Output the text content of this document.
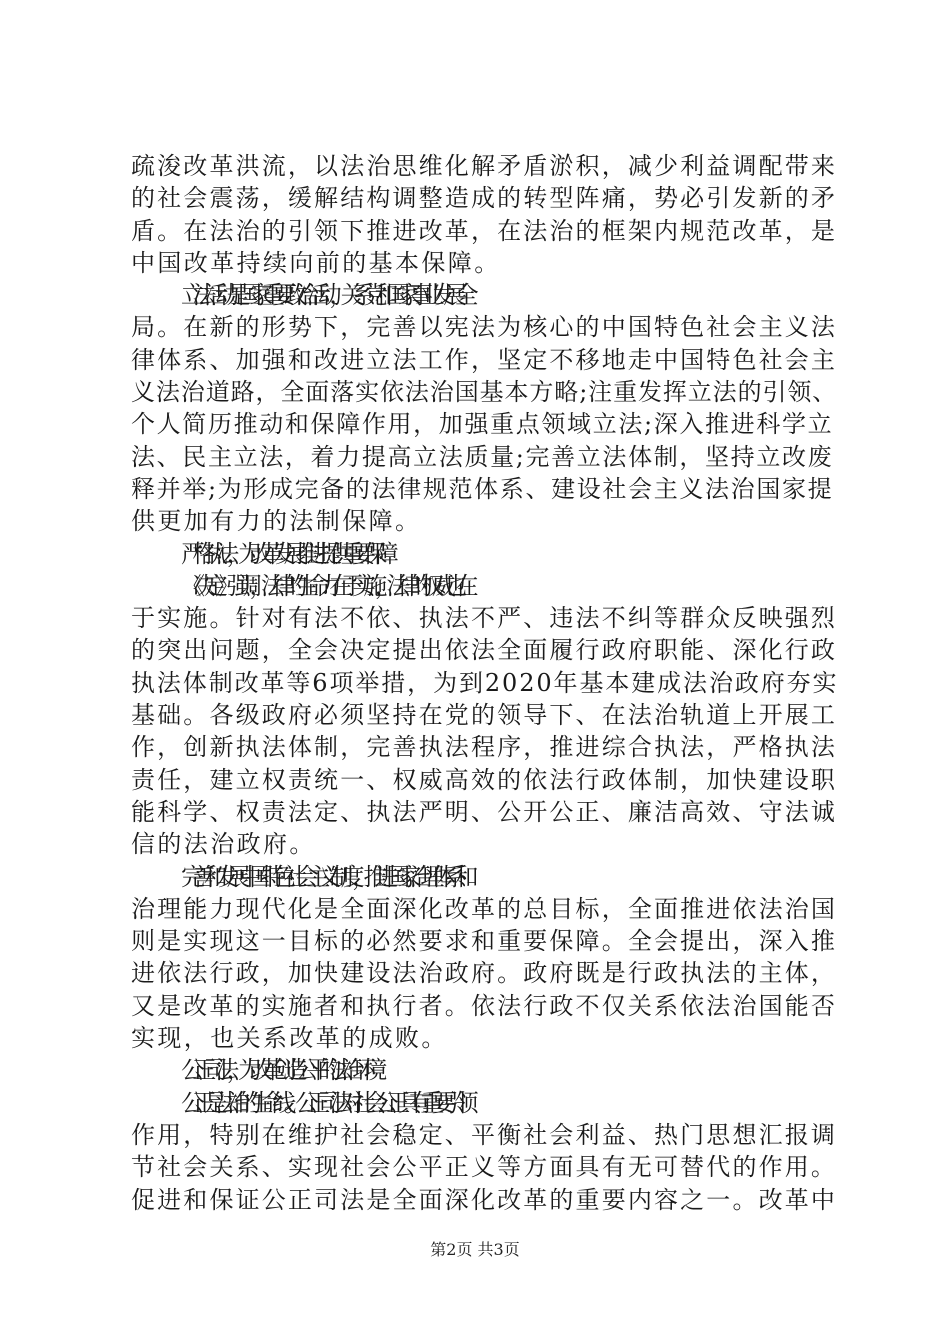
疏浚改革洪流，以法治思维化解矛盾淤积，减少利益调配带来
的社会震荡，缓解结构调整造成的转型阵痛，势必引发新的矛
盾。在法治的引领下推进改革，在法治的框架内规范改革，是
中国改革持续向前的基本保障。
立法活动是国家重要政治活动，关系党和国家事业发展全
局。在新的形势下，完善以宪法为核心的中国特色社会主义法
律体系、加强和改进立法工作，坚定不移地走中国特色社会主
义法治道路，全面落实依法治国基本方略;注重发挥立法的引领、
个人简历推动和保障作用，加强重点领域立法;深入推进科学立
法、民主立法，着力提高立法质量;完善立法体制，坚持立改废
释并举;为形成完备的法律规范体系、建设社会主义法治国家提
供更加有力的法制保障。
严格执法，为改革发展推进提供重要保障
《决定》强调，法律的生命力在于实施，法律的权威也在
于实施。针对有法不依、执法不严、违法不纠等群众反映强烈
的突出问题，全会决定提出依法全面履行政府职能、深化行政
执法体制改革等6项举措，为到2020年基本建成法治政府夯实
基础。各级政府必须坚持在党的领导下、在法治轨道上开展工
作，创新执法体制，完善执法程序，推进综合执法，严格执法
责任，建立权责统一、权威高效的依法行政体制，加快建设职
能科学、权责法定、执法严明、公开公正、廉洁高效、守法诚
信的法治政府。
完善和发展中国特色社会主义制度，推进国家治理体系和
治理能力现代化是全面深化改革的总目标，全面推进依法治国
则是实现这一目标的必然要求和重要保障。全会提出，深入推
进依法行政，加快建设法治政府。政府既是行政执法的主体，
又是改革的实施者和执行者。依法行政不仅关系依法治国能否
实现，也关系改革的成败。
公正司法，为改革创造公平的法治环境
公正是法治的生命线。公正司法对社会公正具有重要引领
作用，特别在维护社会稳定、平衡社会利益、热门思想汇报调
节社会关系、实现社会公平正义等方面具有无可替代的作用。
促进和保证公正司法是全面深化改革的重要内容之一。改革中
第2页 共3页
